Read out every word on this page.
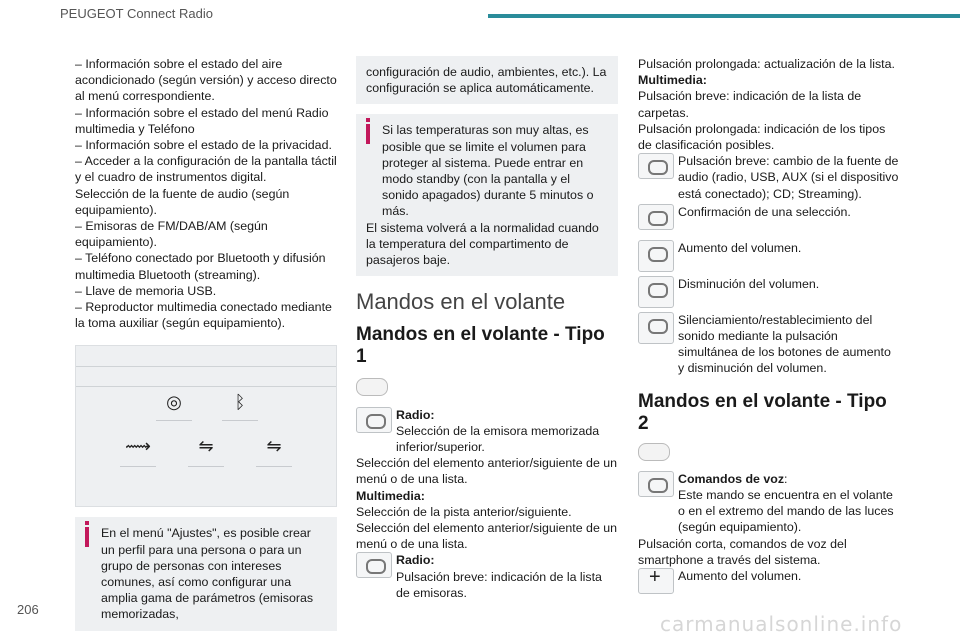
PEUGEOT Connect Radio

– Información sobre el estado del aire acondicionado (según versión) y acceso directo al menú correspondiente.

– Información sobre el estado del menú Radio multimedia y Teléfono

– Información sobre el estado de la privacidad.

– Acceder a la configuración de la pantalla táctil y el cuadro de instrumentos digital.

Selección de la fuente de audio (según equipamiento).

– Emisoras de FM/DAB/AM (según equipamiento).

– Teléfono conectado por Bluetooth y difusión multimedia Bluetooth (streaming).

– Llave de memoria USB.

– Reproductor multimedia conectado mediante la toma auxiliar (según equipamiento).

◎	ᛒ
⟿	⇋	⇋

En el menú "Ajustes", es posible crear un perfil para una persona o para un grupo de personas con intereses comunes, así como configurar una amplia gama de parámetros (emisoras memorizadas,

configuración de audio, ambientes, etc.). La configuración se aplica automáticamente.

Si las temperaturas son muy altas, es posible que se limite el volumen para proteger al sistema. Puede entrar en modo standby (con la pantalla y el sonido apagados) durante 5 minutos o más.

El sistema volverá a la normalidad cuando la temperatura del compartimento de pasajeros baje.

Mandos en el volante
Mandos en el volante - Tipo 1

Radio:

Selección de la emisora memorizada inferior/superior.

Selección del elemento anterior/siguiente de un menú o de una lista.

Multimedia:

Selección de la pista anterior/siguiente.

Selección del elemento anterior/siguiente de un menú o de una lista.

Radio:

Pulsación breve: indicación de la lista de emisoras.

Pulsación prolongada: actualización de la lista.

Multimedia:

Pulsación breve: indicación de la lista de carpetas.

Pulsación prolongada: indicación de los tipos de clasificación posibles.

Pulsación breve: cambio de la fuente de audio (radio, USB, AUX (si el dispositivo está conectado); CD; Streaming).

Confirmación de una selección.

Aumento del volumen.

Disminución del volumen.

Silenciamiento/restablecimiento del sonido mediante la pulsación simultánea de los botones de aumento y disminución del volumen.

Mandos en el volante - Tipo 2

Comandos de voz:

Este mando se encuentra en el volante o en el extremo del mando de las luces (según equipamiento).

Pulsación corta, comandos de voz del smartphone a través del sistema.

+

Aumento del volumen.

206
carmanualsonline.info
